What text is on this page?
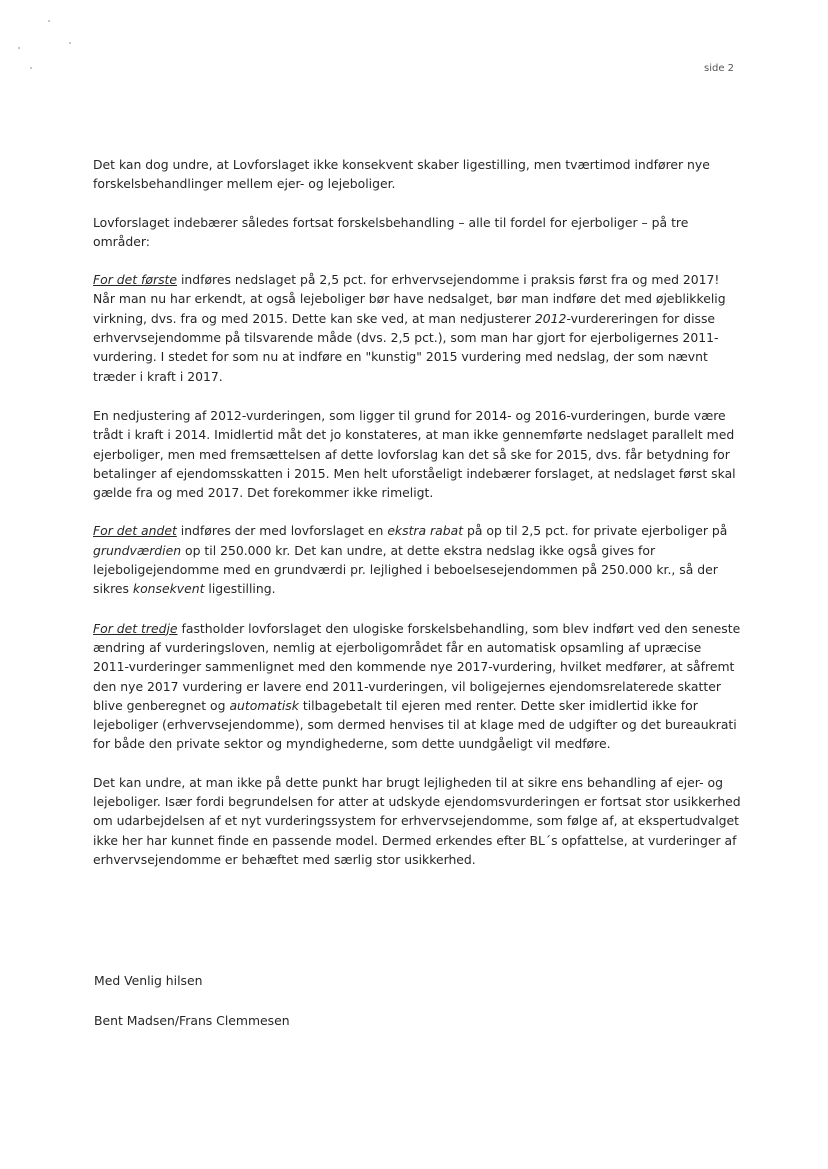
side 2

Det kan dog undre, at Lovforslaget ikke konsekvent skaber ligestilling, men tværtimod indfører nye forskelsbehandlinger mellem ejer- og lejeboliger.

Lovforslaget indebærer således fortsat forskelsbehandling – alle til fordel for ejerboliger – på tre områder:

For det første indføres nedslaget på 2,5 pct. for erhvervsejendomme i praksis først fra og med 2017! Når man nu har erkendt, at også lejeboliger bør have nedsalget, bør man indføre det med øjeblikkelig virkning, dvs. fra og med 2015. Dette kan ske ved, at man nedjusterer 2012-vurdereringen for disse erhvervsejendomme på tilsvarende måde (dvs. 2,5 pct.), som man har gjort for ejerboligernes 2011-vurdering. I stedet for som nu at indføre en "kunstig" 2015 vurdering med nedslag, der som nævnt træder i kraft i 2017.

En nedjustering af 2012-vurderingen, som ligger til grund for 2014- og 2016-vurderingen, burde være trådt i kraft i 2014. Imidlertid måt det jo konstateres, at man ikke gennemførte nedslaget parallelt med ejerboliger, men med fremsættelsen af dette lovforslag kan det så ske for 2015, dvs. får betydning for betalinger af ejendomsskatten i 2015. Men helt uforståeligt indebærer forslaget, at nedslaget først skal gælde fra og med 2017. Det forekommer ikke rimeligt.

For det andet indføres der med lovforslaget en ekstra rabat på op til 2,5 pct. for private ejerboliger på grundværdien op til 250.000 kr. Det kan undre, at dette ekstra nedslag ikke også gives for lejeboligejendomme med en grundværdi pr. lejlighed i beboelsesejendommen på 250.000 kr., så der sikres konsekvent ligestilling.

For det tredje fastholder lovforslaget den ulogiske forskelsbehandling, som blev indført ved den seneste ændring af vurderingsloven, nemlig at ejerboligområdet får en automatisk opsamling af upræcise 2011-vurderinger sammenlignet med den kommende nye 2017-vurdering, hvilket medfører, at såfremt den nye 2017 vurdering er lavere end 2011-vurderingen, vil boligejernes ejendomsrelaterede skatter blive genberegnet og automatisk tilbagebetalt til ejeren med renter. Dette sker imidlertid ikke for lejeboliger (erhvervsejendomme), som dermed henvises til at klage med de udgifter og det bureaukrati for både den private sektor og myndighederne, som dette uundgåeligt vil medføre.

Det kan undre, at man ikke på dette punkt har brugt lejligheden til at sikre ens behandling af ejer- og lejeboliger. Især fordi begrundelsen for atter at udskyde ejendomsvurderingen er fortsat stor usikkerhed om udarbejdelsen af et nyt vurderingssystem for erhvervsejendomme, som følge af, at ekspertudvalget ikke her har kunnet finde en passende model. Dermed erkendes efter BL´s opfattelse, at vurderinger af erhvervsejendomme er behæftet med særlig stor usikkerhed.

Med Venlig hilsen
Bent Madsen/Frans Clemmesen
